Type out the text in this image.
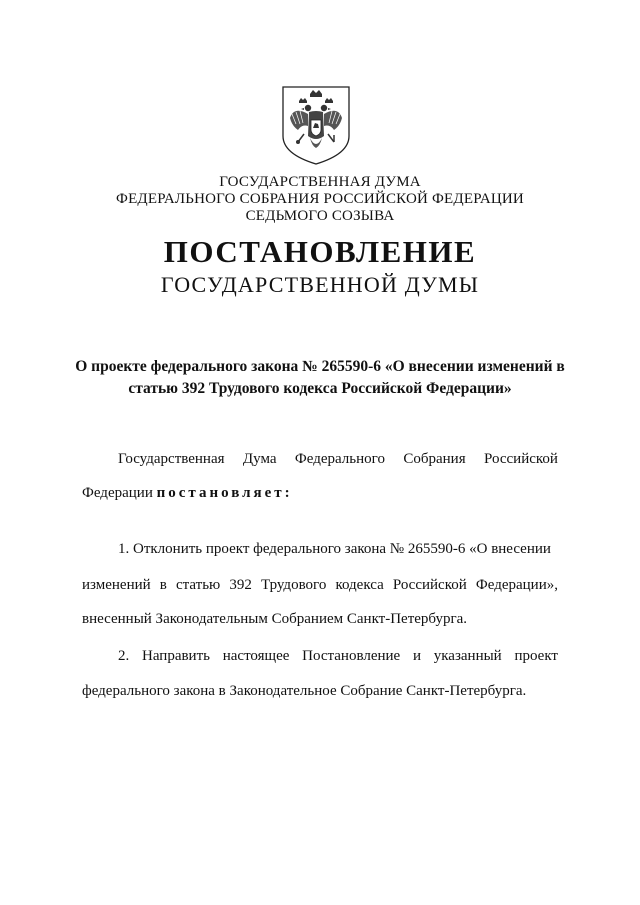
ГОСУДАРСТВЕННАЯ ДУМА
ФЕДЕРАЛЬНОГО СОБРАНИЯ РОССИЙСКОЙ ФЕДЕРАЦИИ
СЕДЬМОГО СОЗЫВА
ПОСТАНОВЛЕНИЕ
ГОСУДАРСТВЕННОЙ ДУМЫ
О проекте федерального закона № 265590-6 «О внесении изменений в
статью 392 Трудового кодекса Российской Федерации»
Государственная Дума Федерального Собрания Российской
Федерации постановляет:
1. Отклонить проект федерального закона № 265590-6 «О внесении
изменений в статью 392 Трудового кодекса Российской Федерации»,
внесенный Законодательным Собранием Санкт-Петербурга.
2. Направить настоящее Постановление и указанный проект
федерального закона в Законодательное Собрание Санкт-Петербурга.
